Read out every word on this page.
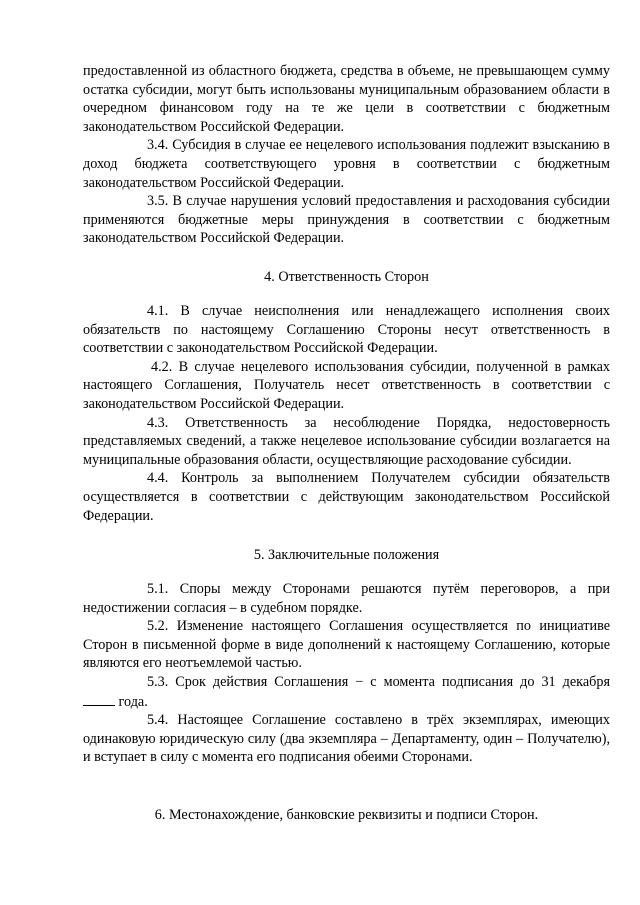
предоставленной из областного бюджета, средства в объеме, не превышающем сумму остатка субсидии, могут быть использованы муниципальным образованием области в очередном финансовом году на те же цели в соответствии с бюджетным законодательством Российской Федерации.

3.4. Субсидия в случае ее нецелевого использования подлежит взысканию в доход бюджета соответствующего уровня в соответствии с бюджетным законодательством Российской Федерации.

3.5. В случае нарушения условий предоставления и расходования субсидии применяются бюджетные меры принуждения в соответствии с бюджетным законодательством Российской Федерации.

4. Ответственность Сторон

4.1. В случае неисполнения или ненадлежащего исполнения своих обязательств по настоящему Соглашению Стороны несут ответственность в соответствии с законодательством Российской Федерации.

4.2. В случае нецелевого использования субсидии, полученной в рамках настоящего Соглашения, Получатель несет ответственность в соответствии с законодательством Российской Федерации.

4.3. Ответственность за несоблюдение Порядка, недостоверность представляемых сведений, а также нецелевое использование субсидии возлагается на муниципальные образования области, осуществляющие расходование субсидии.

4.4. Контроль за выполнением Получателем субсидии обязательств осуществляется в соответствии с действующим законодательством Российской Федерации.

5. Заключительные положения

5.1. Споры между Сторонами решаются путём переговоров, а при недостижении согласия – в судебном порядке.

5.2. Изменение настоящего Соглашения осуществляется по инициативе Сторон в письменной форме в виде дополнений к настоящему Соглашению, которые являются его неотъемлемой частью.

5.3. Срок действия Соглашения − с момента подписания до 31 декабря  года.

5.4. Настоящее Соглашение составлено в трёх экземплярах, имеющих одинаковую юридическую силу (два экземпляра – Департаменту, один – Получателю), и вступает в силу с момента его подписания обеими Сторонами.

6. Местонахождение, банковские реквизиты и подписи Сторон.
